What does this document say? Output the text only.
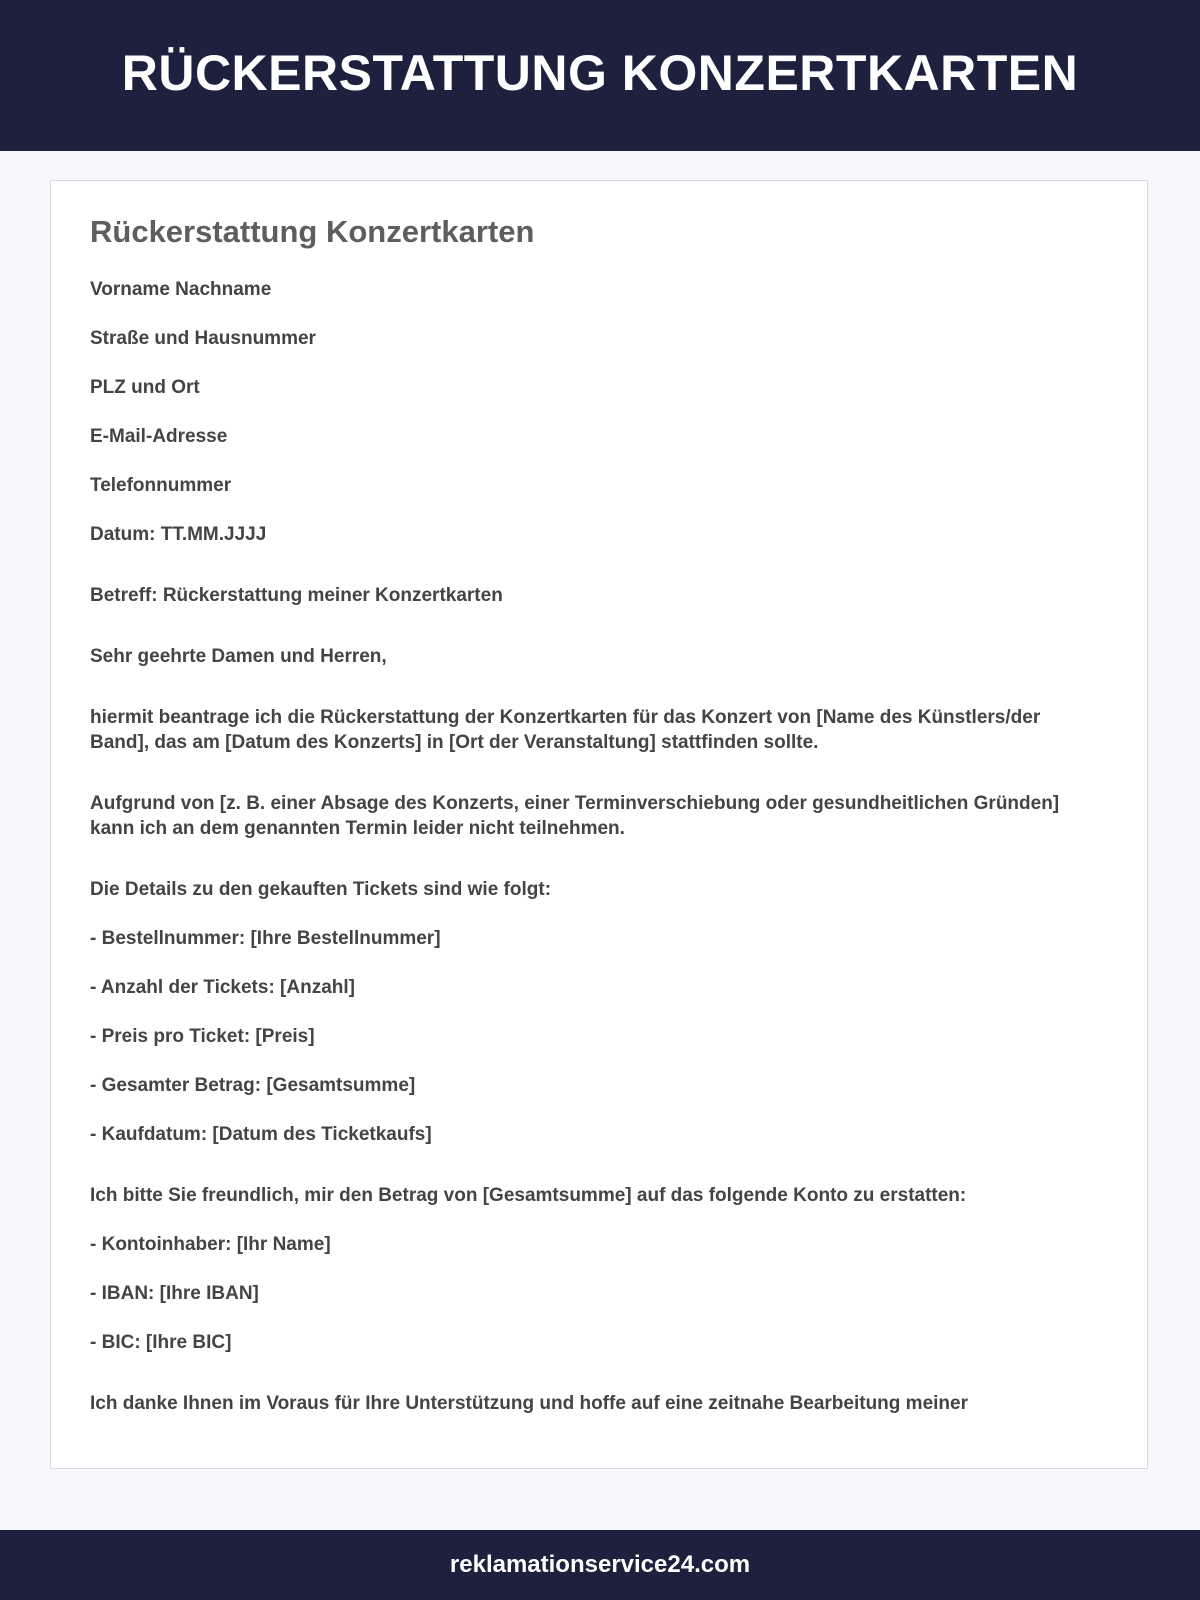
RÜCKERSTATTUNG KONZERTKARTEN
Rückerstattung Konzertkarten

Vorname Nachname

Straße und Hausnummer

PLZ und Ort

E-Mail-Adresse

Telefonnummer

Datum: TT.MM.JJJJ

Betreff: Rückerstattung meiner Konzertkarten

Sehr geehrte Damen und Herren,

hiermit beantrage ich die Rückerstattung der Konzertkarten für das Konzert von [Name des Künstlers/der Band], das am [Datum des Konzerts] in [Ort der Veranstaltung] stattfinden sollte.

Aufgrund von [z. B. einer Absage des Konzerts, einer Terminverschiebung oder gesundheitlichen Gründen] kann ich an dem genannten Termin leider nicht teilnehmen.

Die Details zu den gekauften Tickets sind wie folgt:

- Bestellnummer: [Ihre Bestellnummer]

- Anzahl der Tickets: [Anzahl]

- Preis pro Ticket: [Preis]

- Gesamter Betrag: [Gesamtsumme]

- Kaufdatum: [Datum des Ticketkaufs]

Ich bitte Sie freundlich, mir den Betrag von [Gesamtsumme] auf das folgende Konto zu erstatten:

- Kontoinhaber: [Ihr Name]

- IBAN: [Ihre IBAN]

- BIC: [Ihre BIC]

Ich danke Ihnen im Voraus für Ihre Unterstützung und hoffe auf eine zeitnahe Bearbeitung meiner

reklamationservice24.com
